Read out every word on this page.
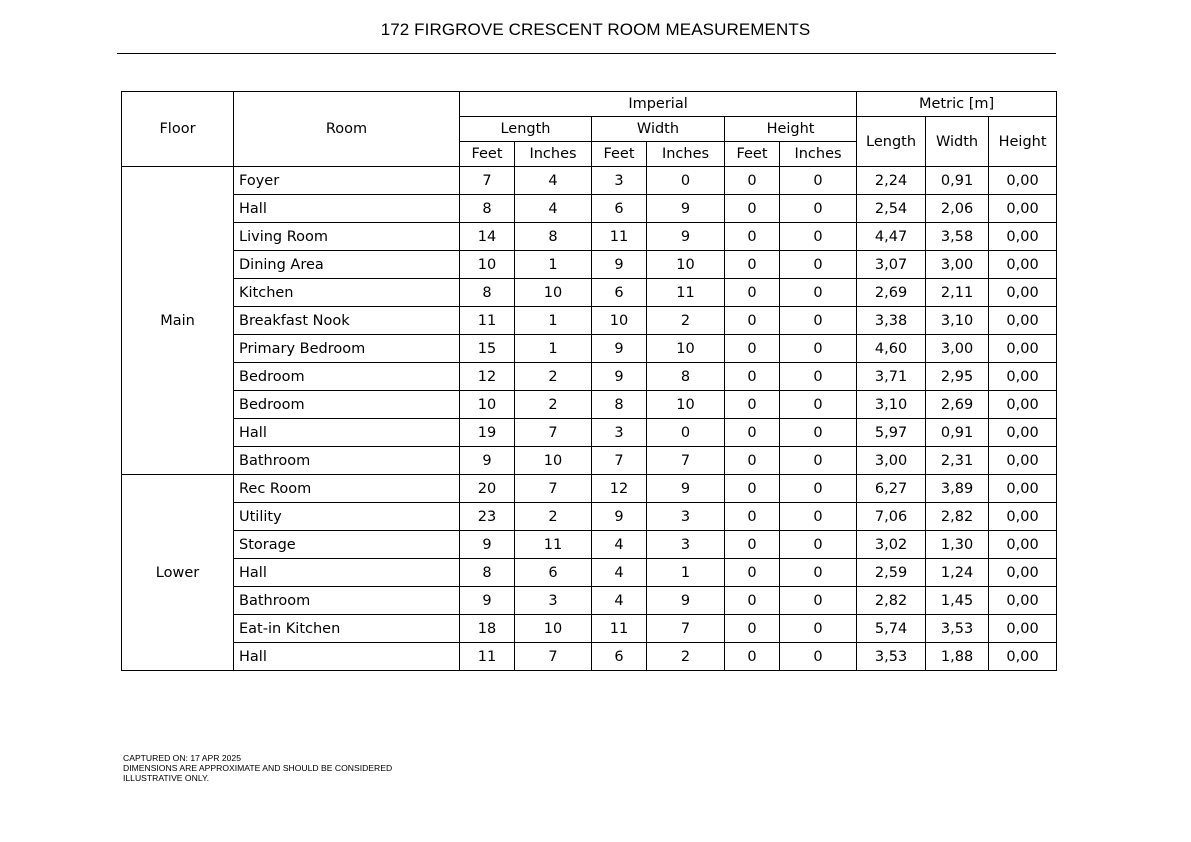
172 FIRGROVE CRESCENT ROOM MEASUREMENTS
Floor	Room	Imperial						Metric [m]		
		Length		Width		Height		Length	Width	Height
		Feet	Inches	Feet	Inches	Feet	Inches			
Main	Foyer	7	4	3	0	0	0	2,24	0,91	0,00
	Hall	8	4	6	9	0	0	2,54	2,06	0,00
	Living Room	14	8	11	9	0	0	4,47	3,58	0,00
	Dining Area	10	1	9	10	0	0	3,07	3,00	0,00
	Kitchen	8	10	6	11	0	0	2,69	2,11	0,00
	Breakfast Nook	11	1	10	2	0	0	3,38	3,10	0,00
	Primary Bedroom	15	1	9	10	0	0	4,60	3,00	0,00
	Bedroom	12	2	9	8	0	0	3,71	2,95	0,00
	Bedroom	10	2	8	10	0	0	3,10	2,69	0,00
	Hall	19	7	3	0	0	0	5,97	0,91	0,00
	Bathroom	9	10	7	7	0	0	3,00	2,31	0,00
Lower	Rec Room	20	7	12	9	0	0	6,27	3,89	0,00
	Utility	23	2	9	3	0	0	7,06	2,82	0,00
	Storage	9	11	4	3	0	0	3,02	1,30	0,00
	Hall	8	6	4	1	0	0	2,59	1,24	0,00
	Bathroom	9	3	4	9	0	0	2,82	1,45	0,00
	Eat-in Kitchen	18	10	11	7	0	0	5,74	3,53	0,00
	Hall	11	7	6	2	0	0	3,53	1,88	0,00
CAPTURED ON: 17 APR 2025
DIMENSIONS ARE APPROXIMATE AND SHOULD BE CONSIDERED
ILLUSTRATIVE ONLY.
